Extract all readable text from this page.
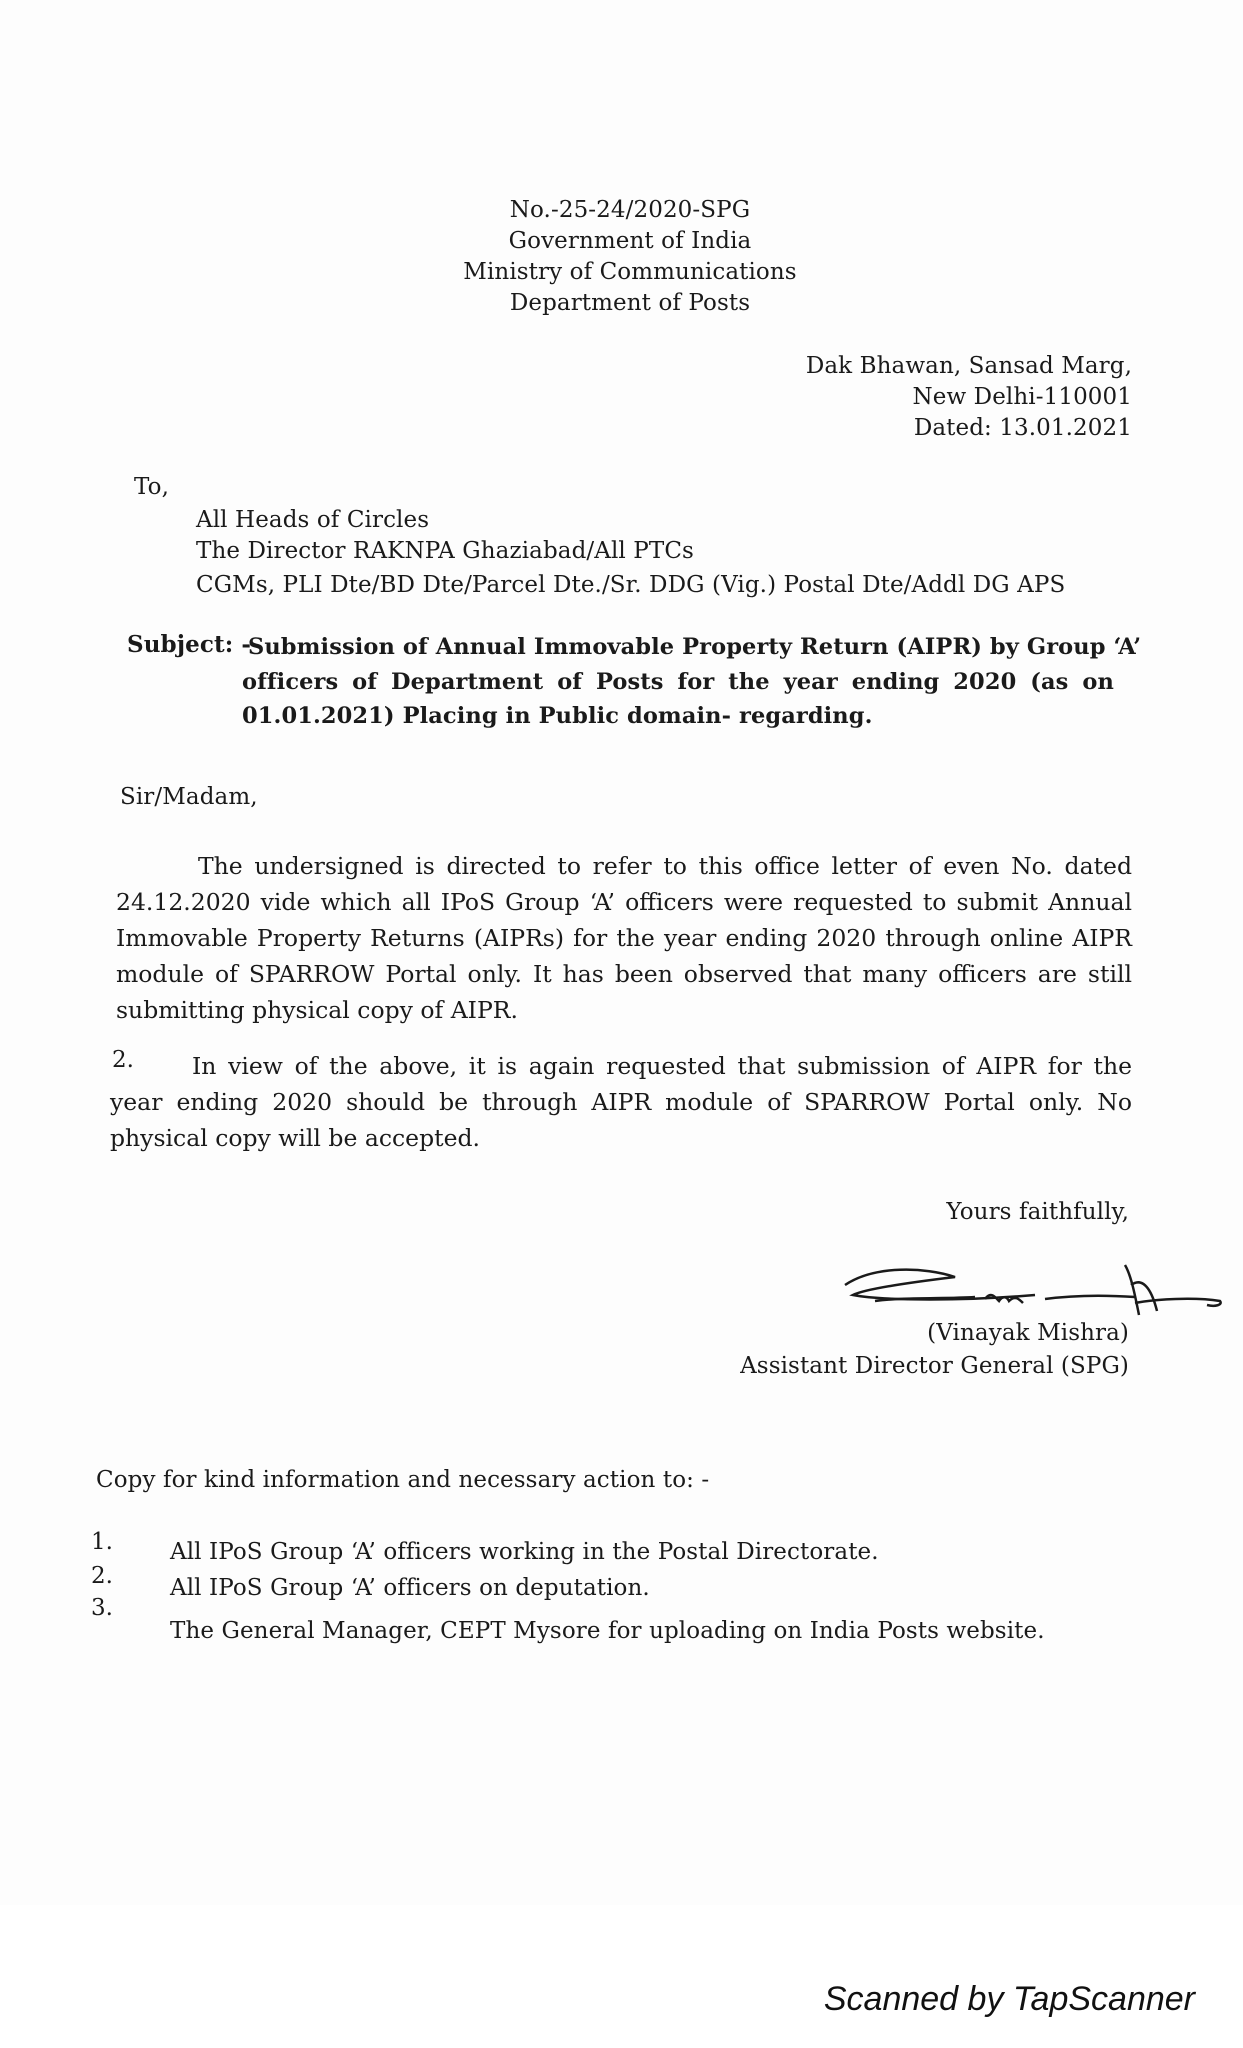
No.-25-24/2020-SPG
Government of India
Ministry of Communications
Department of Posts
Dak Bhawan, Sansad Marg,
New Delhi-110001
Dated: 13.01.2021
To,
All Heads of Circles
The Director RAKNPA Ghaziabad/All PTCs
CGMs, PLI Dte/BD Dte/Parcel Dte./Sr. DDG (Vig.) Postal Dte/Addl DG APS
Subject: -
Submission of Annual Immovable Property Return (AIPR) by Group ‘A’
officers of Department of Posts for the year ending 2020 (as on
01.01.2021) Placing in Public domain- regarding.
Sir/Madam,
The undersigned is directed to refer to this office letter of even No. dated 24.12.2020 vide which all IPoS Group ‘A’ officers were requested to submit Annual Immovable Property Returns (AIPRs) for the year ending 2020 through online AIPR module of SPARROW Portal only. It has been observed that many officers are still submitting physical copy of AIPR.
2.	In view of the above, it is again requested that submission of AIPR for the year ending 2020 should be through AIPR module of SPARROW Portal only. No physical copy will be accepted.
Yours faithfully,
(Vinayak Mishra)
Assistant Director General (SPG)
Copy for kind information and necessary action to: -
1. All IPoS Group ‘A’ officers working in the Postal Directorate.
2. All IPoS Group ‘A’ officers on deputation.
3.
The General Manager, CEPT Mysore for uploading on India Posts website.
Scanned by TapScanner
